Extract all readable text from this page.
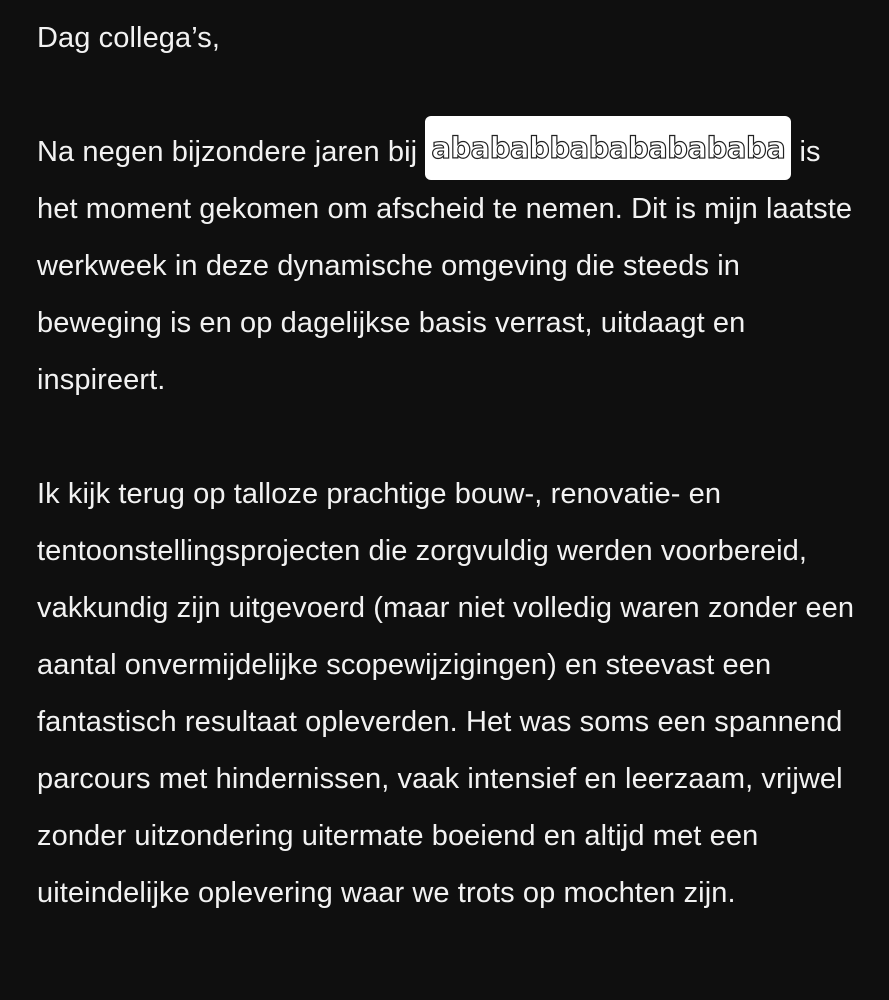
Dag collega’s,

Na negen bijzondere jaren bij abababbabababababa is het moment gekomen om afscheid te nemen. Dit is mijn laatste werkweek in deze dynamische omgeving die steeds in beweging is en op dagelijkse basis verrast, uitdaagt en inspireert.

Ik kijk terug op talloze prachtige bouw-, renovatie- en tentoonstellingsprojecten die zorgvuldig werden voorbereid, vakkundig zijn uitgevoerd (maar niet volledig waren zonder een aantal onvermijdelijke scopewijzigingen) en steevast een fantastisch resultaat opleverden. Het was soms een spannend parcours met hindernissen, vaak intensief en leerzaam, vrijwel zonder uitzondering uitermate boeiend en altijd met een uiteindelijke oplevering waar we trots op mochten zijn.
